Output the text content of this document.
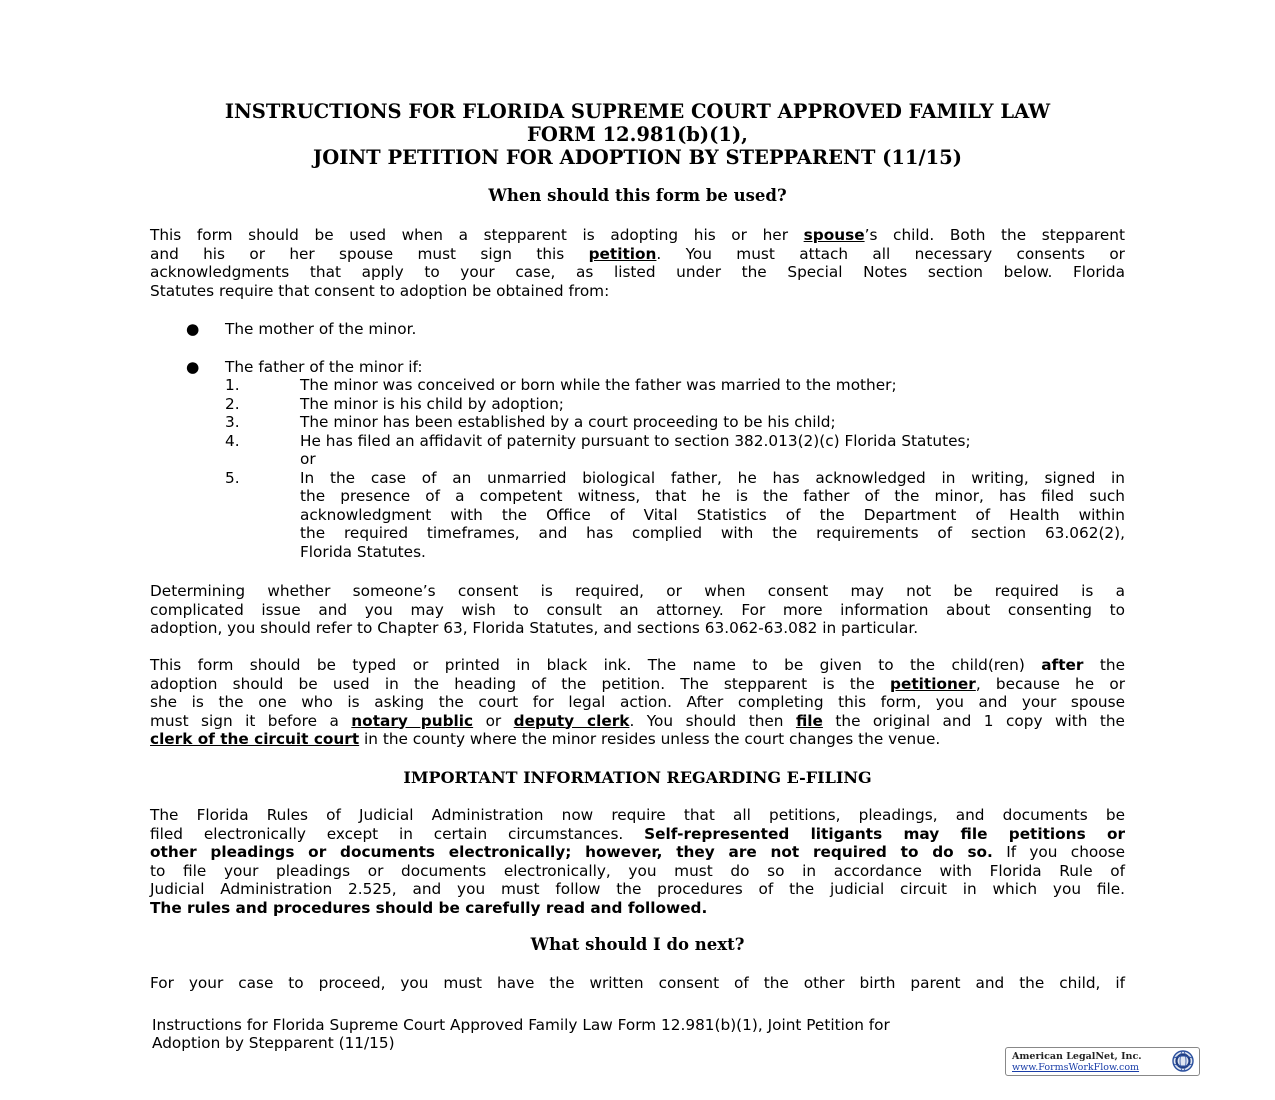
INSTRUCTIONS FOR FLORIDA SUPREME COURT APPROVED FAMILY LAW
FORM 12.981(b)(1),
JOINT PETITION FOR ADOPTION BY STEPPARENT (11/15)
When should this form be used?
This form should be used when a stepparent is adopting his or her spouse’s child. Both the stepparent
and his or her spouse must sign this petition. You must attach all necessary consents or
acknowledgments that apply to your case, as listed under the Special Notes section below. Florida
Statutes require that consent to adoption be obtained from:
● The mother of the minor.
● The father of the minor if:
1.	The minor was conceived or born while the father was married to the mother;
2.	The minor is his child by adoption;
3.	The minor has been established by a court proceeding to be his child;
4.	He has filed an affidavit of paternity pursuant to section 382.013(2)(c) Florida Statutes;
or
5.	In the case of an unmarried biological father, he has acknowledged in writing, signed in
the presence of a competent witness, that he is the father of the minor, has filed such
acknowledgment with the Office of Vital Statistics of the Department of Health within
the required timeframes, and has complied with the requirements of section 63.062(2),
Florida Statutes.
Determining whether someone’s consent is required, or when consent may not be required is a
complicated issue and you may wish to consult an attorney. For more information about consenting to
adoption, you should refer to Chapter 63, Florida Statutes, and sections 63.062-63.082 in particular.
This form should be typed or printed in black ink. The name to be given to the child(ren) after the
adoption should be used in the heading of the petition. The stepparent is the petitioner, because he or
she is the one who is asking the court for legal action. After completing this form, you and your spouse
must sign it before a notary public or deputy clerk. You should then file the original and 1 copy with the
clerk of the circuit court in the county where the minor resides unless the court changes the venue.
IMPORTANT INFORMATION REGARDING E-FILING
The Florida Rules of Judicial Administration now require that all petitions, pleadings, and documents be
filed electronically except in certain circumstances. Self-represented litigants may file petitions or
other pleadings or documents electronically; however, they are not required to do so. If you choose
to file your pleadings or documents electronically, you must do so in accordance with Florida Rule of
Judicial Administration 2.525, and you must follow the procedures of the judicial circuit in which you file.
The rules and procedures should be carefully read and followed.
What should I do next?
For your case to proceed, you must have the written consent of the other birth parent and the child, if
Instructions for Florida Supreme Court Approved Family Law Form 12.981(b)(1), Joint Petition for
Adoption by Stepparent (11/15)
American LegalNet, Inc.
www.FormsWorkFlow.com
